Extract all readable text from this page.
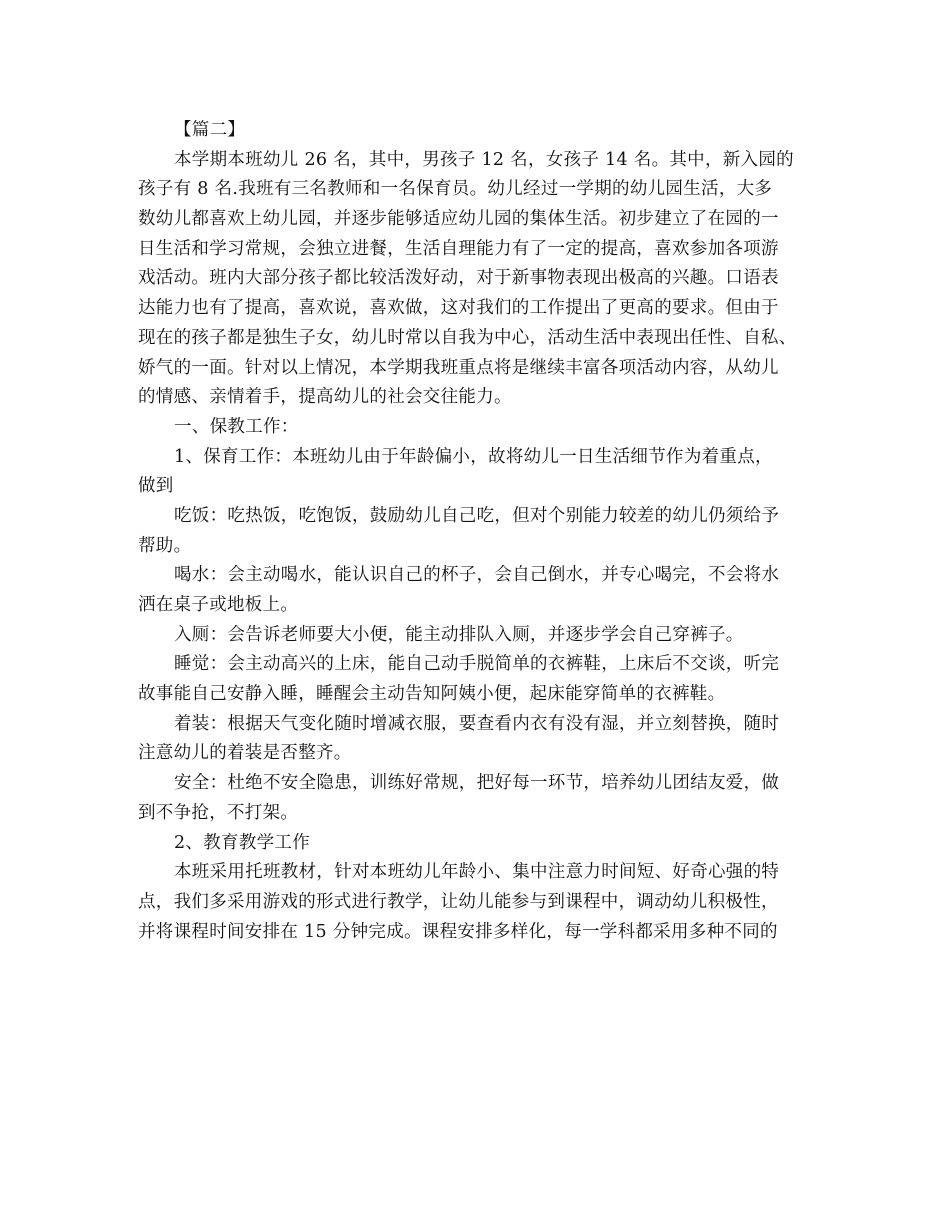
【篇二】
本学期本班幼儿 26 名，其中，男孩子 12 名，女孩子 14 名。其中，新入园的
孩子有 8 名.我班有三名教师和一名保育员。幼儿经过一学期的幼儿园生活，大多
数幼儿都喜欢上幼儿园，并逐步能够适应幼儿园的集体生活。初步建立了在园的一
日生活和学习常规，会独立进餐，生活自理能力有了一定的提高，喜欢参加各项游
戏活动。班内大部分孩子都比较活泼好动，对于新事物表现出极高的兴趣。口语表
达能力也有了提高，喜欢说，喜欢做，这对我们的工作提出了更高的要求。但由于
现在的孩子都是独生子女，幼儿时常以自我为中心，活动生活中表现出任性、自私、
娇气的一面。针对以上情况，本学期我班重点将是继续丰富各项活动内容，从幼儿
的情感、亲情着手，提高幼儿的社会交往能力。
一、保教工作：
1、保育工作：本班幼儿由于年龄偏小，故将幼儿一日生活细节作为着重点，
做到
吃饭：吃热饭，吃饱饭，鼓励幼儿自己吃，但对个别能力较差的幼儿仍须给予
帮助。
喝水：会主动喝水，能认识自己的杯子，会自己倒水，并专心喝完，不会将水
洒在桌子或地板上。
入厕：会告诉老师要大小便，能主动排队入厕，并逐步学会自己穿裤子。
睡觉：会主动高兴的上床，能自己动手脱简单的衣裤鞋，上床后不交谈，听完
故事能自己安静入睡，睡醒会主动告知阿姨小便，起床能穿简单的衣裤鞋。
着装：根据天气变化随时增减衣服，要查看内衣有没有湿，并立刻替换，随时
注意幼儿的着装是否整齐。
安全：杜绝不安全隐患，训练好常规，把好每一环节，培养幼儿团结友爱，做
到不争抢，不打架。
2、教育教学工作
本班采用托班教材，针对本班幼儿年龄小、集中注意力时间短、好奇心强的特
点，我们多采用游戏的形式进行教学，让幼儿能参与到课程中，调动幼儿积极性，
并将课程时间安排在 15 分钟完成。课程安排多样化，每一学科都采用多种不同的
